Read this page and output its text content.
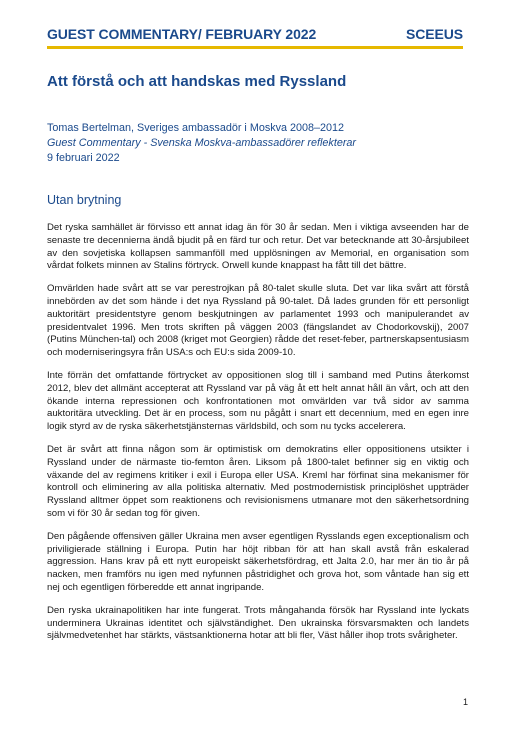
GUEST COMMENTARY/ FEBRUARY 2022	SCEEUS
Att förstå och att handskas med Ryssland
Tomas Bertelman, Sveriges ambassadör i Moskva 2008–2012
Guest Commentary - Svenska Moskva-ambassadörer reflekterar
9 februari 2022
Utan brytning

Det ryska samhället är förvisso ett annat idag än för 30 år sedan. Men i viktiga avseenden har de senaste tre decennierna ändå bjudit på en färd tur och retur. Det var betecknande att 30-årsjubileet av den sovjetiska kollapsen sammanföll med upplösningen av Memorial, en organisation som vårdat folkets minnen av Stalins förtryck. Orwell kunde knappast ha fått till det bättre.

Omvärlden hade svårt att se var perestrojkan på 80-talet skulle sluta. Det var lika svårt att förstå innebörden av det som hände i det nya Ryssland på 90-talet. Då lades grunden för ett personligt auktoritärt presidentstyre genom beskjutningen av parlamentet 1993 och manipulerandet av presidentvalet 1996. Men trots skriften på väggen 2003 (fängslandet av Chodorkovskij), 2007 (Putins München-tal) och 2008 (kriget mot Georgien) rådde det reset-feber, partnerskapsentusiasm och moderniseringsyra från USA:s och EU:s sida 2009-10.

Inte förrän det omfattande förtrycket av oppositionen slog till i samband med Putins återkomst 2012, blev det allmänt accepterat att Ryssland var på väg åt ett helt annat håll än vårt, och att den ökande interna repressionen och konfrontationen mot omvärlden var två sidor av samma auktoritära utveckling. Det är en process, som nu pågått i snart ett decennium, med en egen inre logik styrd av de ryska säkerhetstjänsternas världsbild, och som nu tycks accelerera.

Det är svårt att finna någon som är optimistisk om demokratins eller oppositionens utsikter i Ryssland under de närmaste tio-femton åren. Liksom på 1800-talet befinner sig en viktig och växande del av regimens kritiker i exil i Europa eller USA. Kreml har förfinat sina mekanismer för kontroll och eliminering av alla politiska alternativ. Med postmodernistisk principlöshet uppträder Ryssland alltmer öppet som reaktionens och revisionismens utmanare mot den säkerhetsordning som vi för 30 år sedan tog för given.

Den pågående offensiven gäller Ukraina men avser egentligen Rysslands egen exceptionalism och priviligierade ställning i Europa. Putin har höjt ribban för att han skall avstå från eskalerad aggression. Hans krav på ett nytt europeiskt säkerhetsfördrag, ett Jalta 2.0, har mer än tio år på nacken, men framförs nu igen med nyfunnen påstridighet och grova hot, som våntade han sig ett nej och egentligen förberedde ett annat ingripande.

Den ryska ukrainapolitiken har inte fungerat. Trots mångahanda försök har Ryssland inte lyckats underminera Ukrainas identitet och självständighet. Den ukrainska försvarsmakten och landets självmedvetenhet har stärkts, västsanktionerna hotar att bli fler, Väst håller ihop trots svårigheter.

1
